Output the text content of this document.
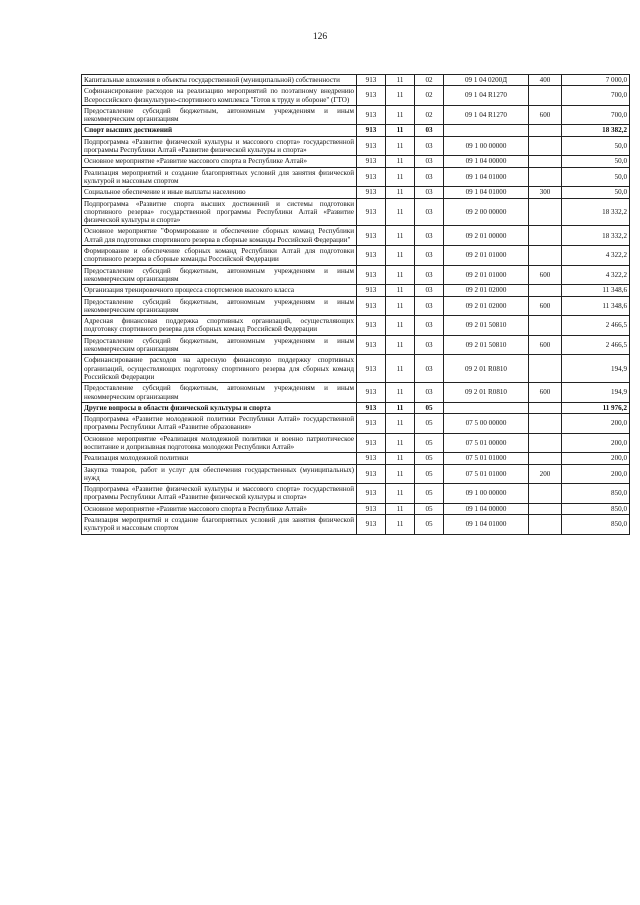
126
Капитальные вложения в объекты государственной (муниципальной) собственности	913	11	02	09 1 04 0200Д	400	7 000,0
Софинансирование расходов на реализацию мероприятий по поэтапному внедрению Всероссийского физкультурно-спортивного комплекса "Готов к труду и обороне" (ГТО)	913	11	02	09 1 04 R1270		700,0
Предоставление субсидий бюджетным, автономным учреждениям и иным некоммерческим организациям	913	11	02	09 1 04 R1270	600	700,0
Спорт высших достижений	913	11	03			18 382,2
Подпрограмма «Развитие физической культуры и массового спорта» государственной программы Республики Алтай «Развитие физической культуры и спорта»	913	11	03	09 1 00 00000		50,0
Основное мероприятие «Развитие массового спорта в Республике Алтай»	913	11	03	09 1 04 00000		50,0
Реализация мероприятий и создание благоприятных условий для занятия физической культурой и массовым спортом	913	11	03	09 1 04 01000		50,0
Социальное обеспечение и иные выплаты населению	913	11	03	09 1 04 01000	300	50,0
Подпрограмма «Развитие спорта высших достижений и системы подготовки спортивного резерва» государственной программы Республики Алтай «Развитие физической культуры и спорта»	913	11	03	09 2 00 00000		18 332,2
Основное мероприятие "Формирование и обеспечение сборных команд Республики Алтай для подготовки спортивного резерва в сборные команды Российской Федерации"	913	11	03	09 2 01 00000		18 332,2
Формирование и обеспечение сборных команд Республики Алтай для подготовки спортивного резерва в сборные команды Российской Федерации	913	11	03	09 2 01 01000		4 322,2
Предоставление субсидий бюджетным, автономным учреждениям и иным некоммерческим организациям	913	11	03	09 2 01 01000	600	4 322,2
Организация тренировочного процесса спортсменов высокого класса	913	11	03	09 2 01 02000		11 348,6
Предоставление субсидий бюджетным, автономным учреждениям и иным некоммерческим организациям	913	11	03	09 2 01 02000	600	11 348,6
Адресная финансовая поддержка спортивных организаций, осуществляющих подготовку спортивного резерва для сборных команд Российской Федерации	913	11	03	09 2 01 50810		2 466,5
Предоставление субсидий бюджетным, автономным учреждениям и иным некоммерческим организациям	913	11	03	09 2 01 50810	600	2 466,5
Софинансирование расходов на адресную финансовую поддержку спортивных организаций, осуществляющих подготовку спортивного резерва для сборных команд Российской Федерации	913	11	03	09 2 01 R0810		194,9
Предоставление субсидий бюджетным, автономным учреждениям и иным некоммерческим организациям	913	11	03	09 2 01 R0810	600	194,9
Другие вопросы в области физической культуры и спорта	913	11	05			11 976,2
Подпрограмма «Развитие молодежной политики Республики Алтай» государственной программы Республики Алтай «Развитие образования»	913	11	05	07 5 00 00000		200,0
Основное мероприятие «Реализация молодежной политики и военно патриотическое воспитание и допризывная подготовка молодежи Республики Алтай»	913	11	05	07 5 01 00000		200,0
Реализация молодежной политики	913	11	05	07 5 01 01000		200,0
Закупка товаров, работ и услуг для обеспечения государственных (муниципальных) нужд	913	11	05	07 5 01 01000	200	200,0
Подпрограмма «Развитие физической культуры и массового спорта» государственной программы Республики Алтай «Развитие физической культуры и спорта»	913	11	05	09 1 00 00000		850,0
Основное мероприятие «Развитие массового спорта в Республике Алтай»	913	11	05	09 1 04 00000		850,0
Реализация мероприятий и создание благоприятных условий для занятия физической культурой и массовым спортом	913	11	05	09 1 04 01000		850,0
